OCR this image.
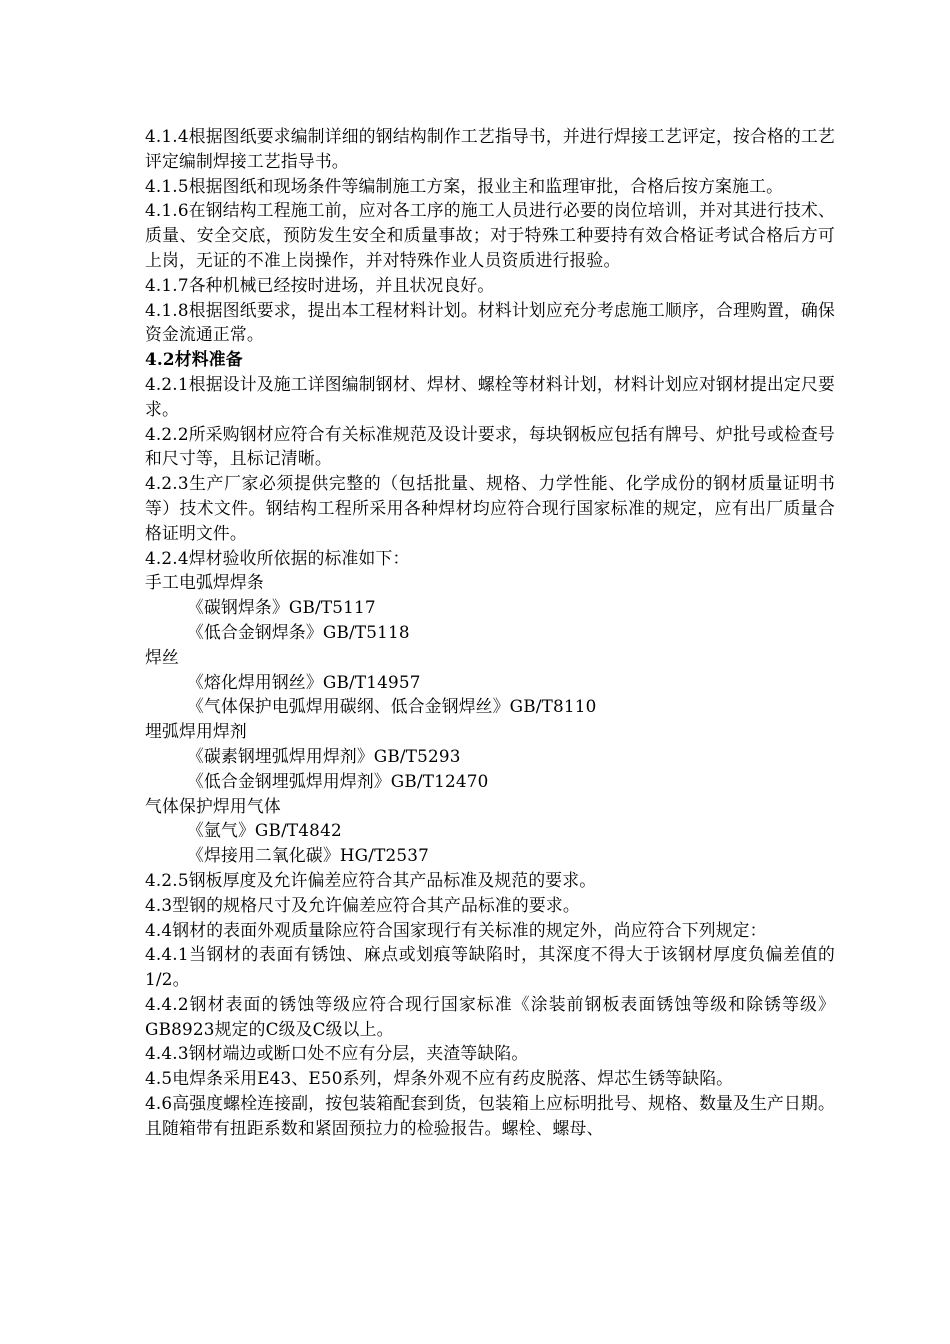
4.1.4根据图纸要求编制详细的钢结构制作工艺指导书，并进行焊接工艺评定，按合格的工艺评定编制焊接工艺指导书。

4.1.5根据图纸和现场条件等编制施工方案，报业主和监理审批，合格后按方案施工。

4.1.6在钢结构工程施工前，应对各工序的施工人员进行必要的岗位培训，并对其进行技术、质量、安全交底，预防发生安全和质量事故；对于特殊工种要持有效合格证考试合格后方可上岗，无证的不准上岗操作，并对特殊作业人员资质进行报验。

4.1.7各种机械已经按时进场，并且状况良好。

4.1.8根据图纸要求，提出本工程材料计划。材料计划应充分考虑施工顺序，合理购置，确保资金流通正常。

4.2材料准备

4.2.1根据设计及施工详图编制钢材、焊材、螺栓等材料计划，材料计划应对钢材提出定尺要求。

4.2.2所采购钢材应符合有关标准规范及设计要求，每块钢板应包括有牌号、炉批号或检查号和尺寸等，且标记清晰。

4.2.3生产厂家必须提供完整的（包括批量、规格、力学性能、化学成份的钢材质量证明书等）技术文件。钢结构工程所采用各种焊材均应符合现行国家标准的规定，应有出厂质量合格证明文件。

4.2.4焊材验收所依据的标准如下：

手工电弧焊焊条

《碳钢焊条》GB/T5117

《低合金钢焊条》GB/T5118

焊丝

《熔化焊用钢丝》GB/T14957

《气体保护电弧焊用碳纲、低合金钢焊丝》GB/T8110

埋弧焊用焊剂

《碳素钢埋弧焊用焊剂》GB/T5293

《低合金钢埋弧焊用焊剂》GB/T12470

气体保护焊用气体

《氩气》GB/T4842

《焊接用二氧化碳》HG/T2537

4.2.5钢板厚度及允许偏差应符合其产品标准及规范的要求。

4.3型钢的规格尺寸及允许偏差应符合其产品标准的要求。

4.4钢材的表面外观质量除应符合国家现行有关标准的规定外，尚应符合下列规定：

4.4.1当钢材的表面有锈蚀、麻点或划痕等缺陷时，其深度不得大于该钢材厚度负偏差值的1/2。

4.4.2钢材表面的锈蚀等级应符合现行国家标准《涂装前钢板表面锈蚀等级和除锈等级》GB8923规定的C级及C级以上。

4.4.3钢材端边或断口处不应有分层，夹渣等缺陷。

4.5电焊条采用E43、E50系列，焊条外观不应有药皮脱落、焊芯生锈等缺陷。

4.6高强度螺栓连接副，按包装箱配套到货，包装箱上应标明批号、规格、数量及生产日期。且随箱带有扭距系数和紧固预拉力的检验报告。螺栓、螺母、
